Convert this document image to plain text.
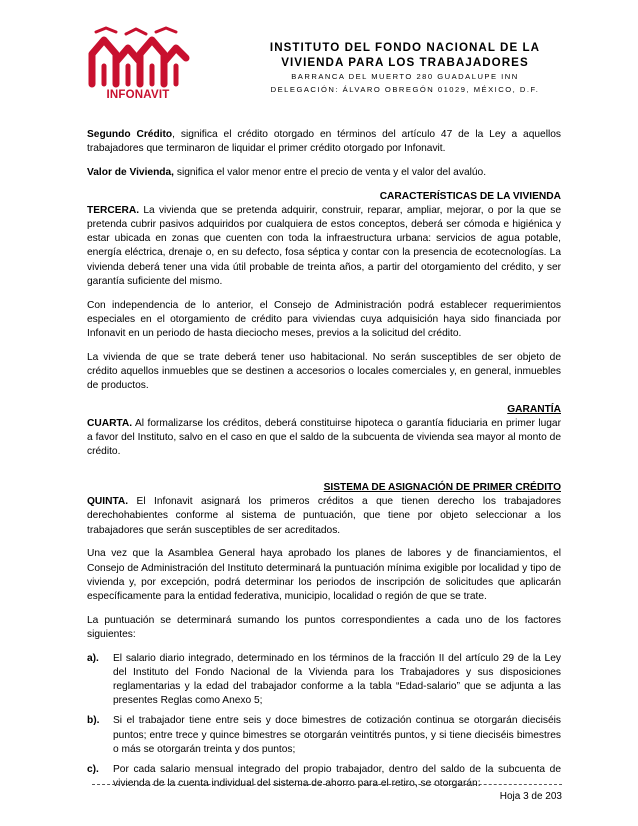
INFONAVIT
INSTITUTO DEL FONDO NACIONAL DE LA
VIVIENDA PARA LOS TRABAJADORES
BARRANCA DEL MUERTO 280 GUADALUPE INN
DELEGACIÓN: ÁLVARO OBREGÓN 01029, MÉXICO, D.F.

Segundo Crédito, significa el crédito otorgado en términos del artículo 47 de la Ley a aquellos trabajadores que terminaron de liquidar el primer crédito otorgado por Infonavit.

Valor de Vivienda, significa el valor menor entre el precio de venta y el valor del avalúo.

CARACTERÍSTICAS DE LA VIVIENDA

TERCERA. La vivienda que se pretenda adquirir, construir, reparar, ampliar, mejorar, o por la que se pretenda cubrir pasivos adquiridos por cualquiera de estos conceptos, deberá ser cómoda e higiénica y estar ubicada en zonas que cuenten con toda la infraestructura urbana: servicios de agua potable, energía eléctrica, drenaje o, en su defecto, fosa séptica y contar con la presencia de ecotecnologías. La vivienda deberá tener una vida útil probable de treinta años, a partir del otorgamiento del crédito, y ser garantía suficiente del mismo.

Con independencia de lo anterior, el Consejo de Administración podrá establecer requerimientos especiales en el otorgamiento de crédito para viviendas cuya adquisición haya sido financiada por Infonavit en un periodo de hasta dieciocho meses, previos a la solicitud del crédito.

La vivienda de que se trate deberá tener uso habitacional. No serán susceptibles de ser objeto de crédito aquellos inmuebles que se destinen a accesorios o locales comerciales y, en general, inmuebles de productos.

GARANTÍA

CUARTA. Al formalizarse los créditos, deberá constituirse hipoteca o garantía fiduciaria en primer lugar a favor del Instituto, salvo en el caso en que el saldo de la subcuenta de vivienda sea mayor al monto de crédito.

SISTEMA DE ASIGNACIÓN DE PRIMER CRÉDITO

QUINTA. El Infonavit asignará los primeros créditos a que tienen derecho los trabajadores derechohabientes conforme al sistema de puntuación, que tiene por objeto seleccionar a los trabajadores que serán susceptibles de ser acreditados.

Una vez que la Asamblea General haya aprobado los planes de labores y de financiamientos, el Consejo de Administración del Instituto determinará la puntuación mínima exigible por localidad y tipo de vivienda y, por excepción, podrá determinar los periodos de inscripción de solicitudes que aplicarán específicamente para la entidad federativa, municipio, localidad o región de que se trate.

La puntuación se determinará sumando los puntos correspondientes a cada uno de los factores siguientes:

a).	El salario diario integrado, determinado en los términos de la fracción II del artículo 29 de la Ley del Instituto del Fondo Nacional de la Vivienda para los Trabajadores y sus disposiciones reglamentarias y la edad del trabajador conforme a la tabla “Edad-salario” que se adjunta a las presentes Reglas como Anexo 5;
b).	Si el trabajador tiene entre seis y doce bimestres de cotización continua se otorgarán dieciséis puntos; entre trece y quince bimestres se otorgarán veintitrés puntos, y si tiene dieciséis bimestres o más se otorgarán treinta y dos puntos;
c).	Por cada salario mensual integrado del propio trabajador, dentro del saldo de la subcuenta de vivienda de la cuenta individual del sistema de ahorro para el retiro, se otorgarán:
Hoja 3 de 203
